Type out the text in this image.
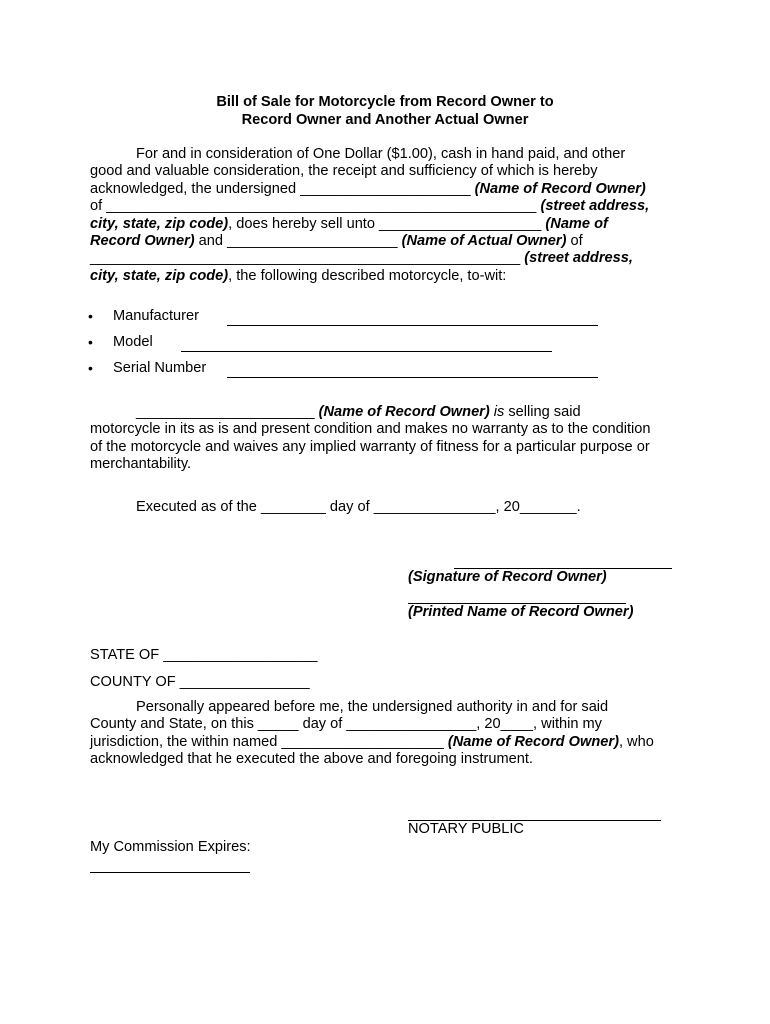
Bill of Sale for Motorcycle from Record Owner to
Record Owner and Another Actual Owner
For and in consideration of One Dollar ($1.00), cash in hand paid, and other
good and valuable consideration, the receipt and sufficiency of which is hereby
acknowledged, the undersigned _____________________ (Name of Record Owner)
of _____________________________________________________ (street address,
city, state, zip code), does hereby sell unto ____________________ (Name of
Record Owner) and _____________________ (Name of Actual Owner) of
_____________________________________________________ (street address,
city, state, zip code), the following described motorcycle, to-wit:
•	Manufacturer
•	Model
•	Serial Number
______________________ (Name of Record Owner) is selling said
motorcycle in its as is and present condition and makes no warranty as to the condition
of the motorcycle and waives any implied warranty of fitness for a particular purpose or
merchantability.
Executed as of the ________ day of _______________, 20_______.
(Signature of Record Owner)
(Printed Name of Record Owner)
STATE OF ___________________
COUNTY OF ________________
Personally appeared before me, the undersigned authority in and for said
County and State, on this _____ day of ________________, 20____, within my
jurisdiction, the within named ____________________ (Name of Record Owner), who
acknowledged that he executed the above and foregoing instrument.
NOTARY PUBLIC
My Commission Expires:
